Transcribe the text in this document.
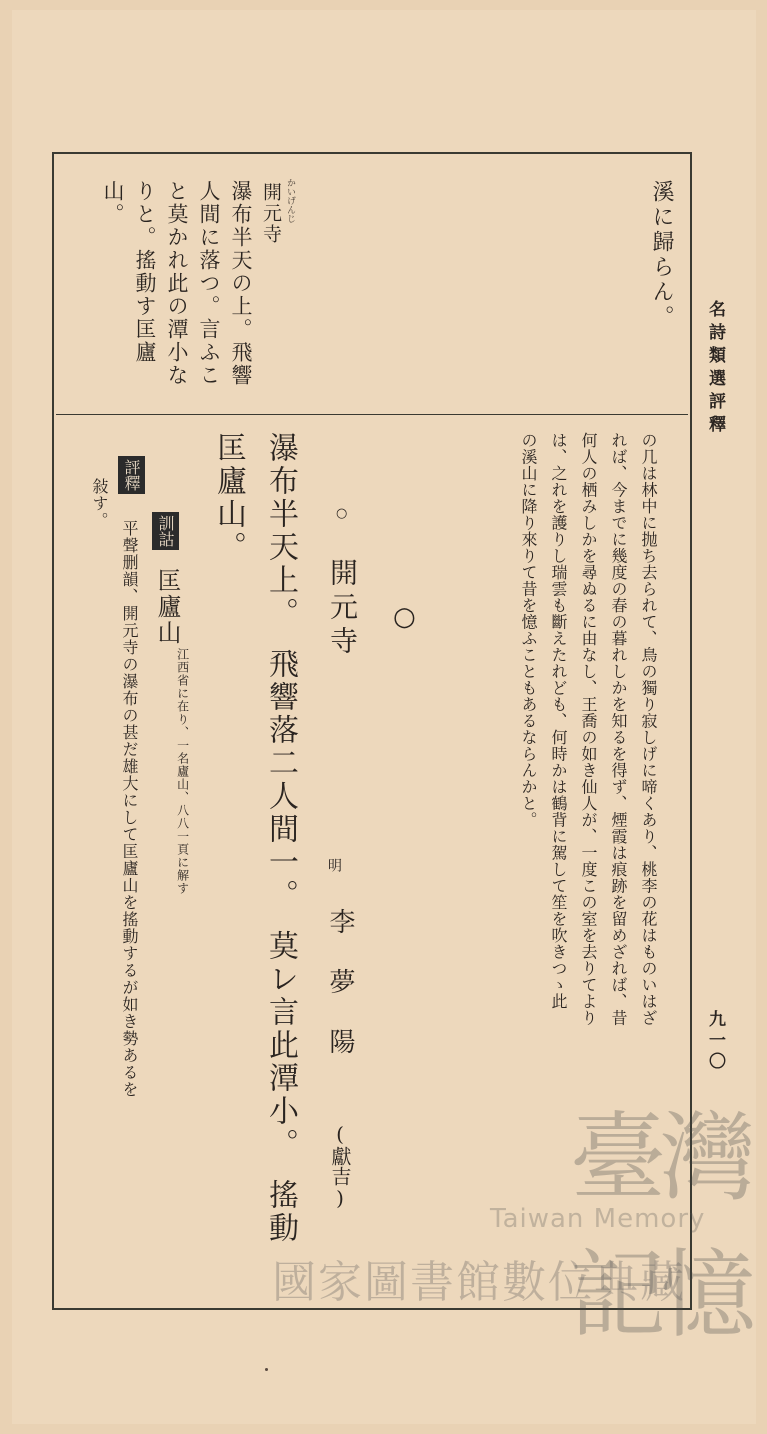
名詩類選評釋
九一〇
溪に歸らん。
開元寺 かいげんじ
瀑布半天の上。飛響
人間に落つ。言ふこ
と莫かれ此の潭小な
りと。搖動す匡廬
山。
の几は林中に抛ち去られて、鳥の獨り寂しげに啼くあり、桃李の花はものいはざ
れば、今までに幾度の春の暮れしかを知るを得ず、煙霞は痕跡を留めざれば、昔
何人の栖みしかを尋ぬるに由なし、王喬の如き仙人が、一度この室を去りてより
は、之れを護りし瑞雲も斷えたれども、何時かは鶴背に駕して笙を吹きつゝ此
の溪山に降り來りて昔を憶ふこともあるならんかと。
○
○
開元寺
明
李　夢　陽
(獻吉)
瀑布半天上。　飛響落二人間一。　莫レ言此潭小。　搖動
匡廬山。
訓詁
匡廬山
江西省に在り、一名廬山、八八一頁に解す
評釋
平聲删韻、開元寺の瀑布の甚だ雄大にして匡廬山を搖動するが如き勢あるを
敍す。
臺灣記憶
Taiwan Memory
國家圖書館數位典藏
